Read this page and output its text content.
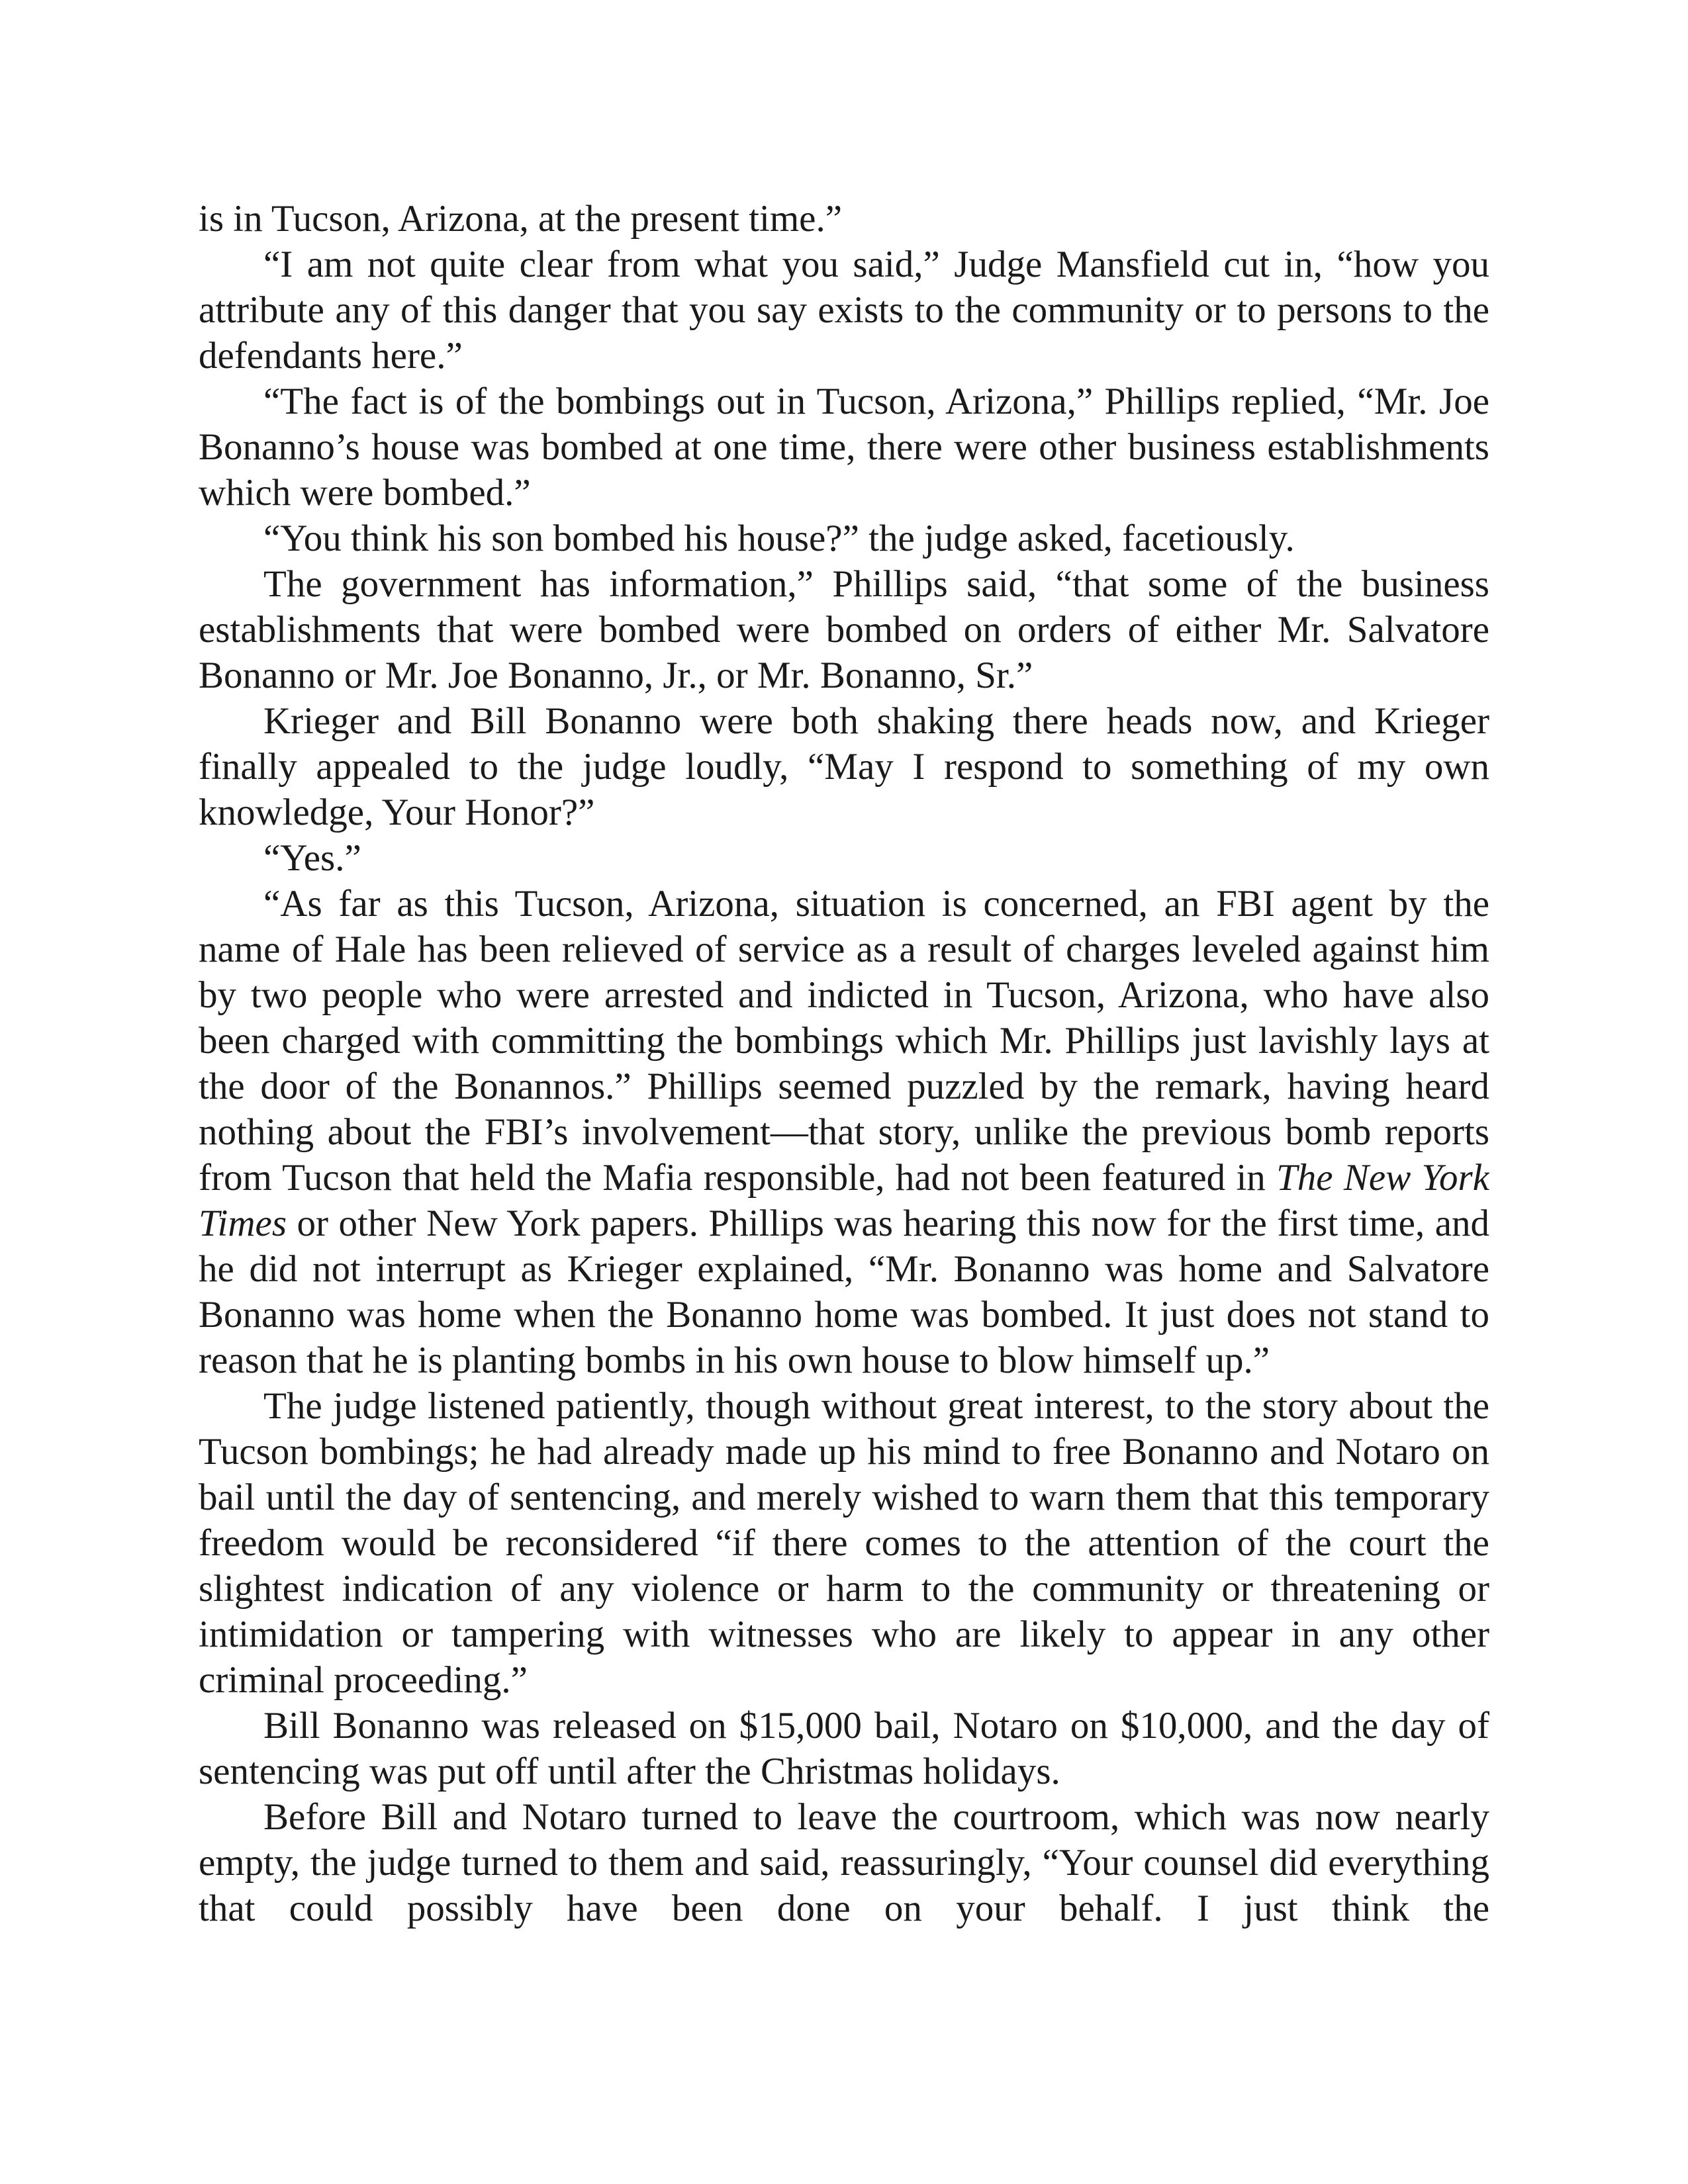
is in Tucson, Arizona, at the present time.”

“I am not quite clear from what you said,” Judge Mansfield cut in, “how you attribute any of this danger that you say exists to the community or to persons to the defendants here.”

“The fact is of the bombings out in Tucson, Arizona,” Phillips replied, “Mr. Joe Bonanno’s house was bombed at one time, there were other business establishments which were bombed.”

“You think his son bombed his house?” the judge asked, facetiously.

The government has information,” Phillips said, “that some of the business establishments that were bombed were bombed on orders of either Mr. Salvatore Bonanno or Mr. Joe Bonanno, Jr., or Mr. Bonanno, Sr.”

Krieger and Bill Bonanno were both shaking there heads now, and Krieger finally appealed to the judge loudly, “May I respond to something of my own knowledge, Your Honor?”

“Yes.”

“As far as this Tucson, Arizona, situation is concerned, an FBI agent by the name of Hale has been relieved of service as a result of charges leveled against him by two people who were arrested and indicted in Tucson, Arizona, who have also been charged with committing the bombings which Mr. Phillips just lavishly lays at the door of the Bonannos.” Phillips seemed puzzled by the remark, having heard nothing about the FBI’s involvement—that story, unlike the previous bomb reports from Tucson that held the Mafia responsible, had not been featured in The New York Times or other New York papers. Phillips was hearing this now for the first time, and he did not interrupt as Krieger explained, “Mr. Bonanno was home and Salvatore Bonanno was home when the Bonanno home was bombed. It just does not stand to reason that he is planting bombs in his own house to blow himself up.”

The judge listened patiently, though without great interest, to the story about the Tucson bombings; he had already made up his mind to free Bonanno and Notaro on bail until the day of sentencing, and merely wished to warn them that this temporary freedom would be reconsidered “if there comes to the attention of the court the slightest indication of any violence or harm to the community or threatening or intimidation or tampering with witnesses who are likely to appear in any other criminal proceeding.”

Bill Bonanno was released on $15,000 bail, Notaro on $10,000, and the day of sentencing was put off until after the Christmas holidays.

Before Bill and Notaro turned to leave the courtroom, which was now nearly empty, the judge turned to them and said, reassuringly, “Your counsel did everything that could possibly have been done on your behalf. I just think the
